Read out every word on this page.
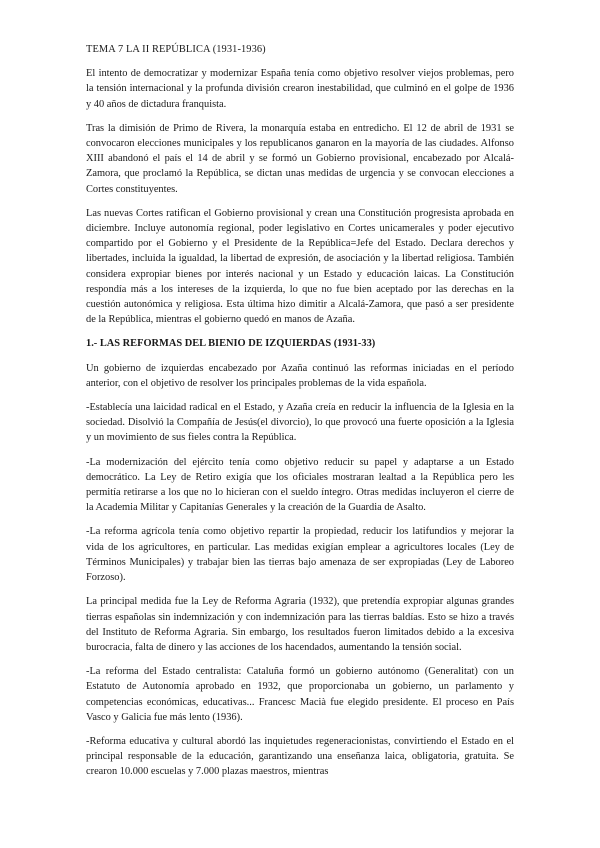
TEMA 7 LA II REPÚBLICA (1931-1936)

El intento de democratizar y modernizar España tenía como objetivo resolver viejos problemas, pero la tensión internacional y la profunda división crearon inestabilidad, que culminó en el golpe de 1936 y 40 años de dictadura franquista.

Tras la dimisión de Primo de Rivera, la monarquía estaba en entredicho. El 12 de abril de 1931 se convocaron elecciones municipales y los republicanos ganaron en la mayoría de las ciudades. Alfonso XIII abandonó el país el 14 de abril y se formó un Gobierno provisional, encabezado por Alcalá-Zamora, que proclamó la República, se dictan unas medidas de urgencia y se convocan elecciones a Cortes constituyentes.

Las nuevas Cortes ratifican el Gobierno provisional y crean una Constitución progresista aprobada en diciembre. Incluye autonomía regional, poder legislativo en Cortes unicamerales y poder ejecutivo compartido por el Gobierno y el Presidente de la República=Jefe del Estado. Declara derechos y libertades, incluida la igualdad, la libertad de expresión, de asociación y la libertad religiosa. También considera expropiar bienes por interés nacional y un Estado y educación laicas. La Constitución respondía más a los intereses de la izquierda, lo que no fue bien aceptado por las derechas en la cuestión autonómica y religiosa. Esta última hizo dimitir a Alcalá-Zamora, que pasó a ser presidente de la República, mientras el gobierno quedó en manos de Azaña.

1.- LAS REFORMAS DEL BIENIO DE IZQUIERDAS (1931-33)

Un gobierno de izquierdas encabezado por Azaña continuó las reformas iniciadas en el período anterior, con el objetivo de resolver los principales problemas de la vida española.

-Establecía una laicidad radical en el Estado, y Azaña creía en reducir la influencia de la Iglesia en la sociedad. Disolvió la Compañía de Jesús(el divorcio), lo que provocó una fuerte oposición a la Iglesia y un movimiento de sus fieles contra la República.

-La modernización del ejército tenía como objetivo reducir su papel y adaptarse a un Estado democrático. La Ley de Retiro exigía que los oficiales mostraran lealtad a la República pero les permitía retirarse a los que no lo hicieran con el sueldo íntegro. Otras medidas incluyeron el cierre de la Academia Militar y Capitanías Generales y la creación de la Guardia de Asalto.

-La reforma agrícola tenía como objetivo repartir la propiedad, reducir los latifundios y mejorar la vida de los agricultores, en particular. Las medidas exigían emplear a agricultores locales (Ley de Términos Municipales) y trabajar bien las tierras bajo amenaza de ser expropiadas (Ley de Laboreo Forzoso).

La principal medida fue la Ley de Reforma Agraria (1932), que pretendía expropiar algunas grandes tierras españolas sin indemnización y con indemnización para las tierras baldías. Esto se hizo a través del Instituto de Reforma Agraria. Sin embargo, los resultados fueron limitados debido a la excesiva burocracia, falta de dinero y las acciones de los hacendados, aumentando la tensión social.

-La reforma del Estado centralista: Cataluña formó un gobierno autónomo (Generalitat) con un Estatuto de Autonomía aprobado en 1932, que proporcionaba un gobierno, un parlamento y competencias económicas, educativas... Francesc Macià fue elegido presidente. El proceso en País Vasco y Galicia fue más lento (1936).

-Reforma educativa y cultural abordó las inquietudes regeneracionistas, convirtiendo el Estado en el principal responsable de la educación, garantizando una enseñanza laica, obligatoria, gratuita. Se crearon 10.000 escuelas y 7.000 plazas maestros, mientras
